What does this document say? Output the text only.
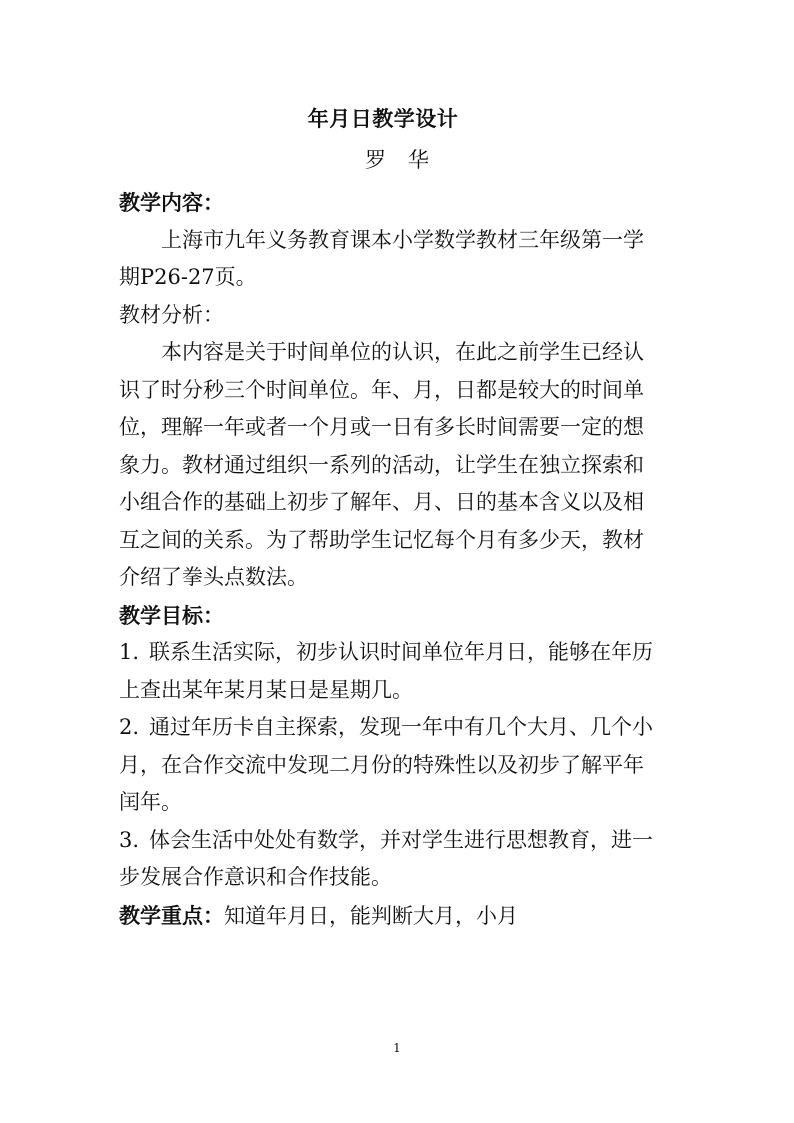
年月日教学设计
罗华

教学内容：

上海市九年义务教育课本小学数学教材三年级第一学期P26-27页。

教材分析：

本内容是关于时间单位的认识，在此之前学生已经认识了时分秒三个时间单位。年、月，日都是较大的时间单位，理解一年或者一个月或一日有多长时间需要一定的想象力。教材通过组织一系列的活动，让学生在独立探索和小组合作的基础上初步了解年、月、日的基本含义以及相互之间的关系。为了帮助学生记忆每个月有多少天，教材介绍了拳头点数法。

教学目标：

1. 联系生活实际，初步认识时间单位年月日，能够在年历上查出某年某月某日是星期几。

2. 通过年历卡自主探索，发现一年中有几个大月、几个小月，在合作交流中发现二月份的特殊性以及初步了解平年闰年。

3. 体会生活中处处有数学，并对学生进行思想教育，进一步发展合作意识和合作技能。

教学重点：知道年月日，能判断大月，小月

1
